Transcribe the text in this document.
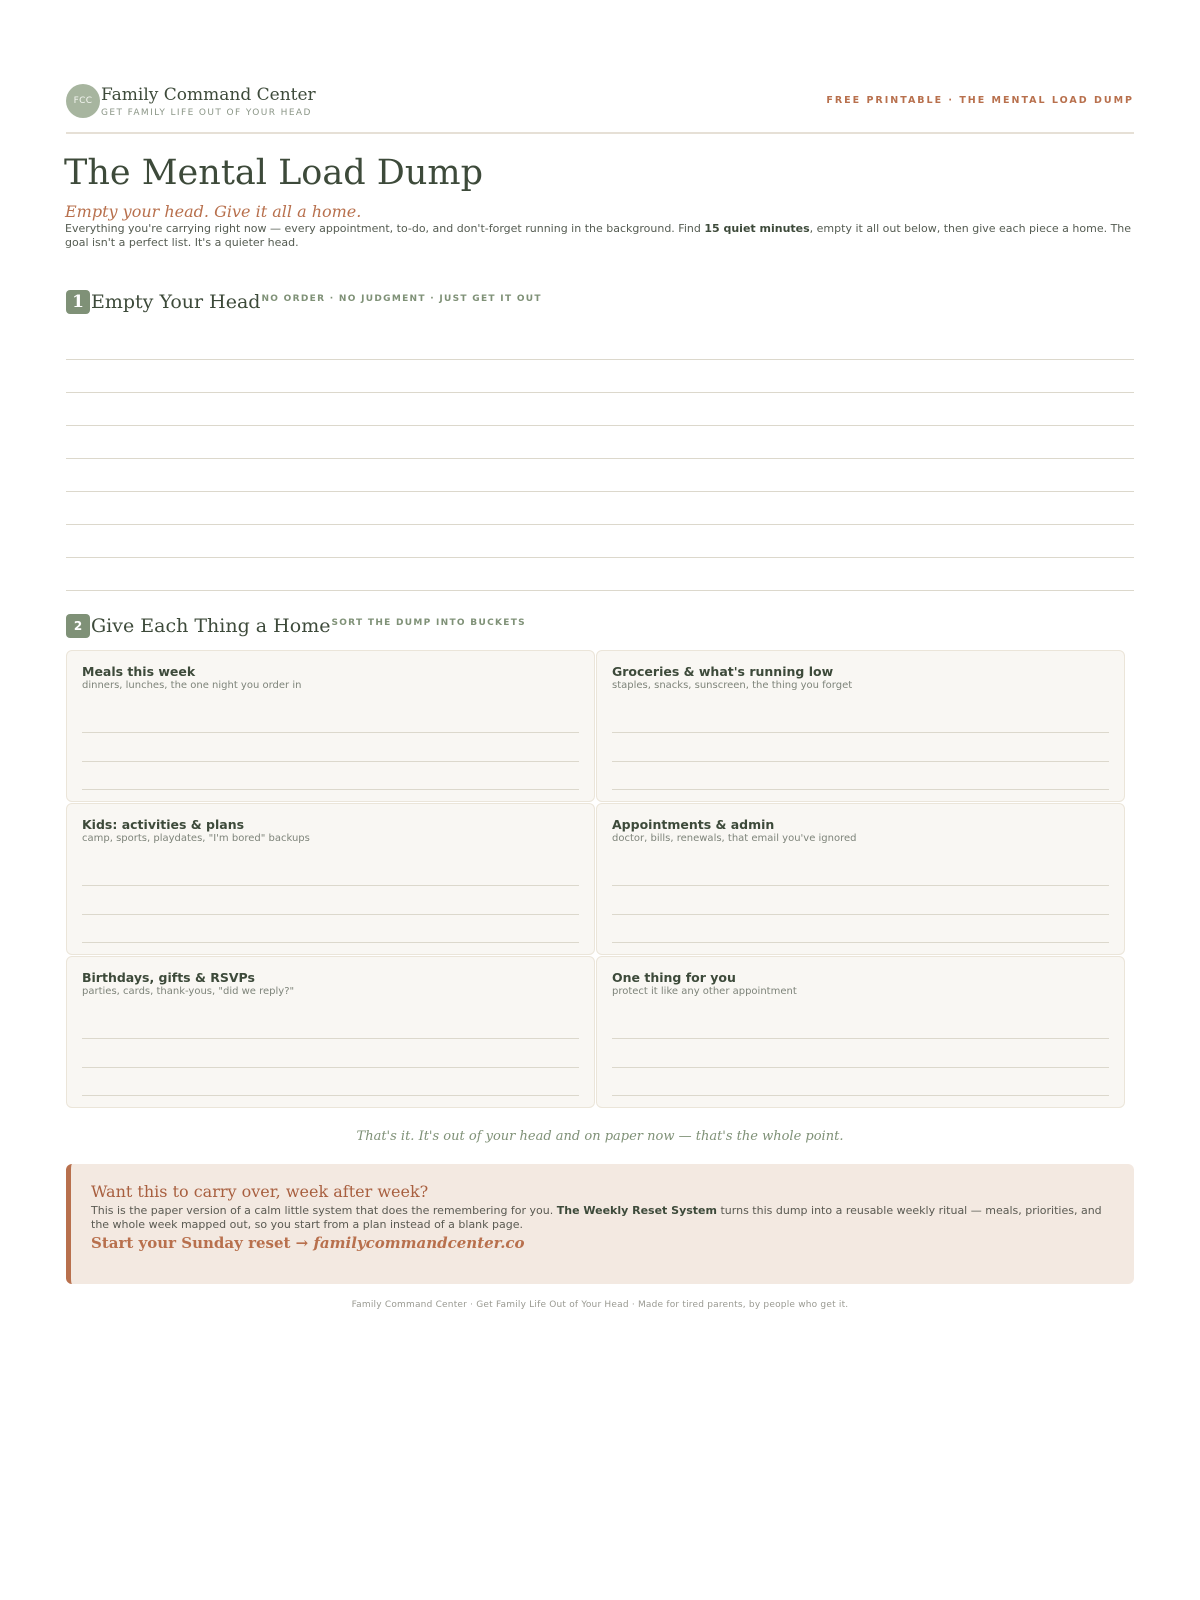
FCC Family Command Center
GET FAMILY LIFE OUT OF YOUR HEAD
FREE PRINTABLE · THE MENTAL LOAD DUMP
The Mental Load Dump
Empty your head. Give it all a home.
Everything you're carrying right now — every appointment, to-do, and don't-forget running in the background. Find 15 quiet minutes, empty it all out below, then give each piece a home. The goal isn't a perfect list. It's a quieter head.
1 Empty Your Head NO ORDER · NO JUDGMENT · JUST GET IT OUT
2 Give Each Thing a Home SORT THE DUMP INTO BUCKETS
Meals this week
dinners, lunches, the one night you order in
Groceries & what's running low
staples, snacks, sunscreen, the thing you forget
Kids: activities & plans
camp, sports, playdates, "I'm bored" backups
Appointments & admin
doctor, bills, renewals, that email you've ignored
Birthdays, gifts & RSVPs
parties, cards, thank-yous, "did we reply?"
One thing for you
protect it like any other appointment
That's it. It's out of your head and on paper now — that's the whole point.
Want this to carry over, week after week?
This is the paper version of a calm little system that does the remembering for you. The Weekly Reset System turns this dump into a reusable weekly ritual — meals, priorities, and the whole week mapped out, so you start from a plan instead of a blank page.
Start your Sunday reset → familycommandcenter.co
Family Command Center · Get Family Life Out of Your Head · Made for tired parents, by people who get it.
